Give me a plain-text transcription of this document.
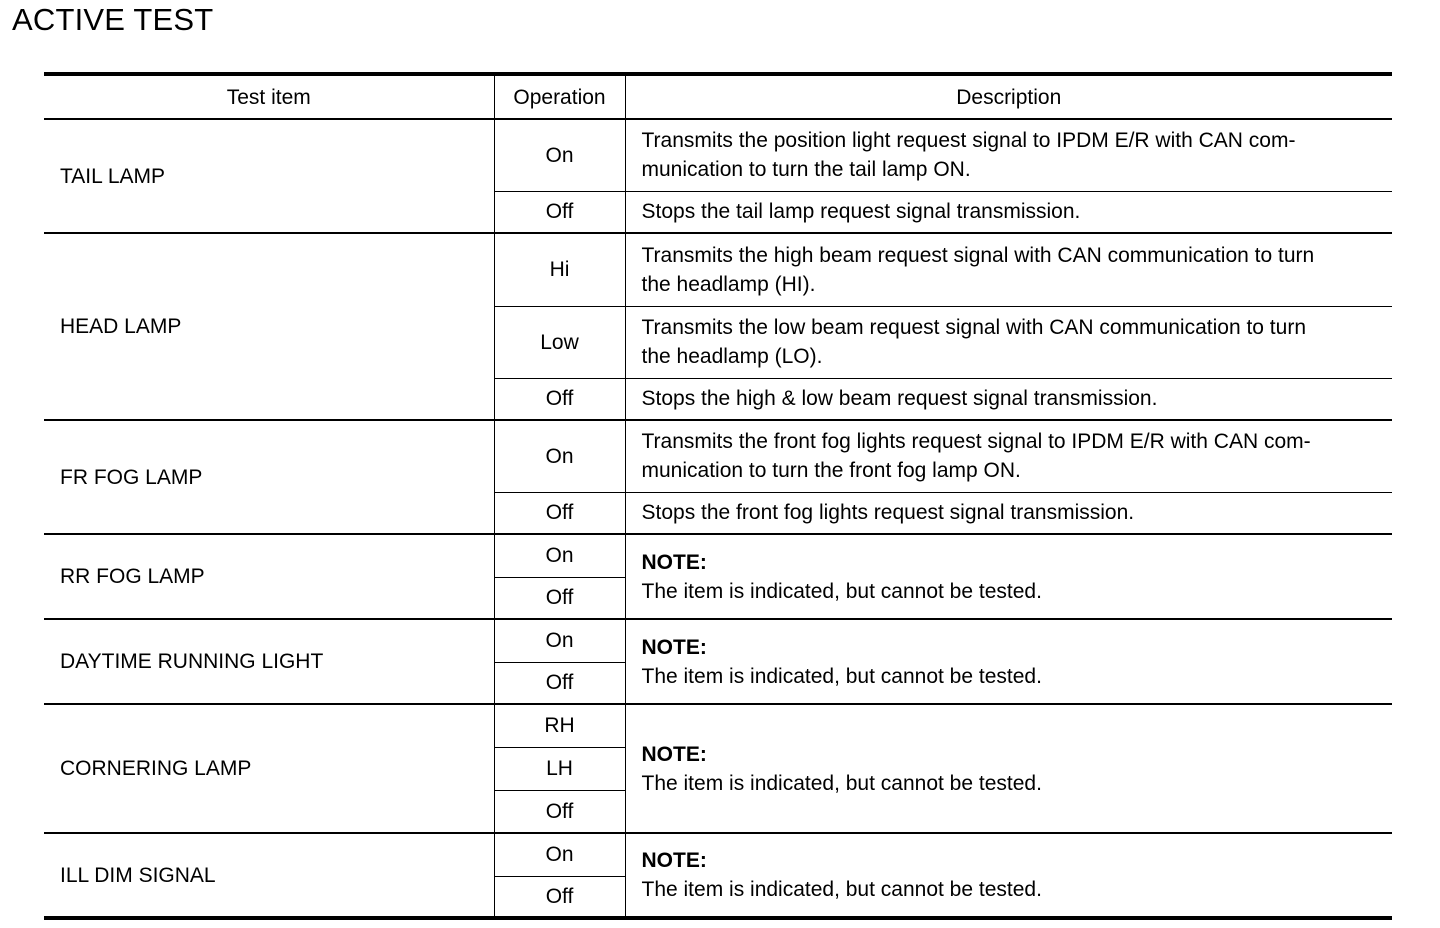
ACTIVE TEST
Test item	Operation	Description
TAIL LAMP	On	Transmits the position light request signal to IPDM E/R with CAN com-
munication to turn the tail lamp ON.
	Off	Stops the tail lamp request signal transmission.
HEAD LAMP	Hi	Transmits the high beam request signal with CAN communication to turn
the headlamp (HI).
	Low	Transmits the low beam request signal with CAN communication to turn
the headlamp (LO).
	Off	Stops the high & low beam request signal transmission.
FR FOG LAMP	On	Transmits the front fog lights request signal to IPDM E/R with CAN com-
munication to turn the front fog lamp ON.
	Off	Stops the front fog lights request signal transmission.
RR FOG LAMP	On	NOTE:
The item is indicated, but cannot be tested.
	Off	
DAYTIME RUNNING LIGHT	On	NOTE:
The item is indicated, but cannot be tested.
	Off	
CORNERING LAMP	RH	NOTE:
The item is indicated, but cannot be tested.
	LH	
	Off	
ILL DIM SIGNAL	On	NOTE:
The item is indicated, but cannot be tested.
	Off	
